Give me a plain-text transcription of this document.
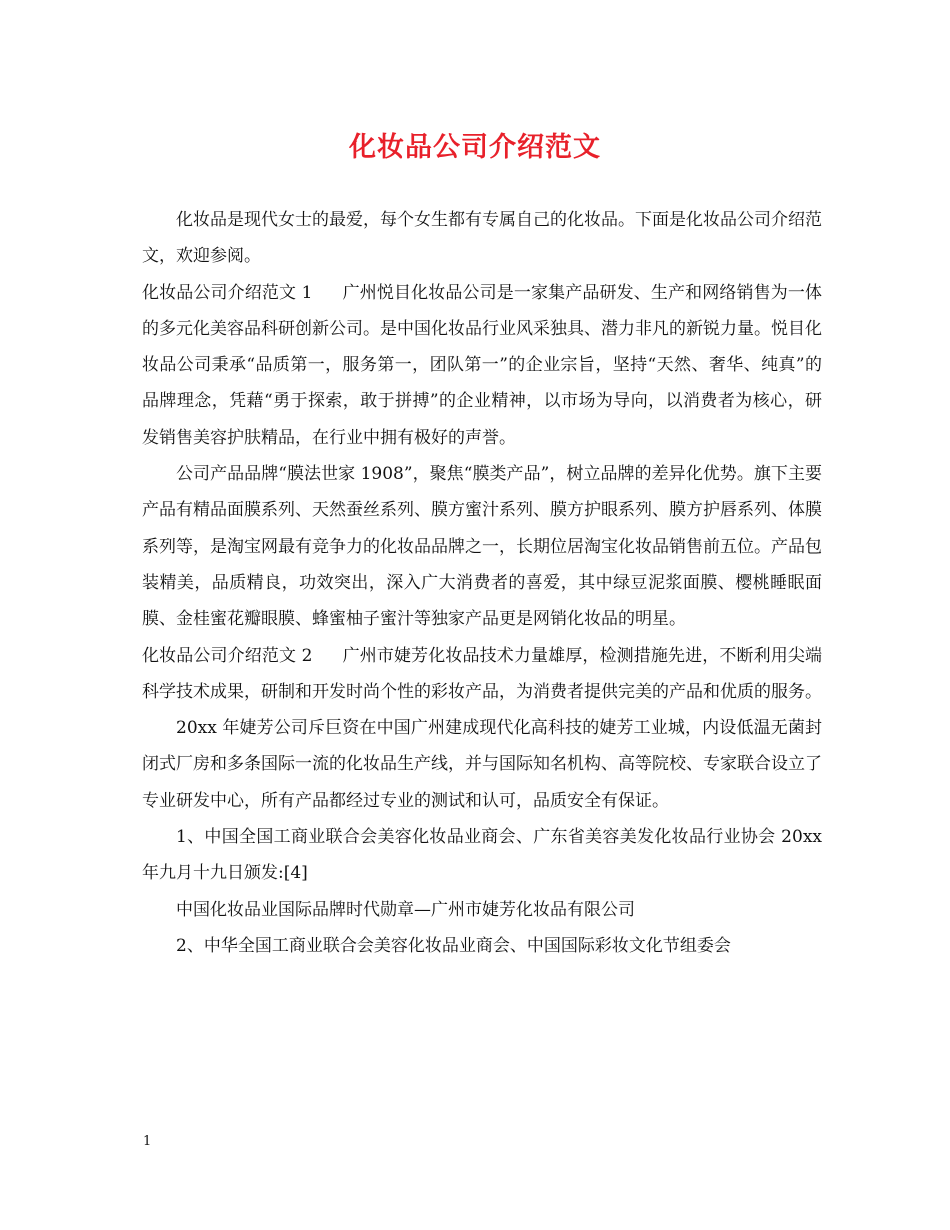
化妆品公司介绍范文

化妆品是现代女士的最爱，每个女生都有专属自己的化妆品。下面是化妆品公司介绍范文，欢迎参阅。

化妆品公司介绍范文 1 广州悦目化妆品公司是一家集产品研发、生产和网络销售为一体的多元化美容品科研创新公司。是中国化妆品行业风采独具、潜力非凡的新锐力量。悦目化妆品公司秉承“品质第一，服务第一，团队第一”的企业宗旨，坚持“天然、奢华、纯真”的品牌理念，凭藉“勇于探索，敢于拼搏”的企业精神，以市场为导向，以消费者为核心，研发销售美容护肤精品，在行业中拥有极好的声誉。

公司产品品牌“膜法世家 1908”，聚焦“膜类产品”，树立品牌的差异化优势。旗下主要产品有精品面膜系列、天然蚕丝系列、膜方蜜汁系列、膜方护眼系列、膜方护唇系列、体膜系列等，是淘宝网最有竞争力的化妆品品牌之一，长期位居淘宝化妆品销售前五位。产品包装精美，品质精良，功效突出，深入广大消费者的喜爱，其中绿豆泥浆面膜、樱桃睡眠面膜、金桂蜜花瓣眼膜、蜂蜜柚子蜜汁等独家产品更是网销化妆品的明星。

化妆品公司介绍范文 2 广州市婕芳化妆品技术力量雄厚，检测措施先进，不断利用尖端科学技术成果，研制和开发时尚个性的彩妆产品，为消费者提供完美的产品和优质的服务。

20xx 年婕芳公司斥巨资在中国广州建成现代化高科技的婕芳工业城，内设低温无菌封闭式厂房和多条国际一流的化妆品生产线，并与国际知名机构、高等院校、专家联合设立了专业研发中心，所有产品都经过专业的测试和认可，品质安全有保证。

1、中国全国工商业联合会美容化妆品业商会、广东省美容美发化妆品行业协会 20xx 年九月十九日颁发:[4]

中国化妆品业国际品牌时代勋章—广州市婕芳化妆品有限公司

2、中华全国工商业联合会美容化妆品业商会、中国国际彩妆文化节组委会

1
